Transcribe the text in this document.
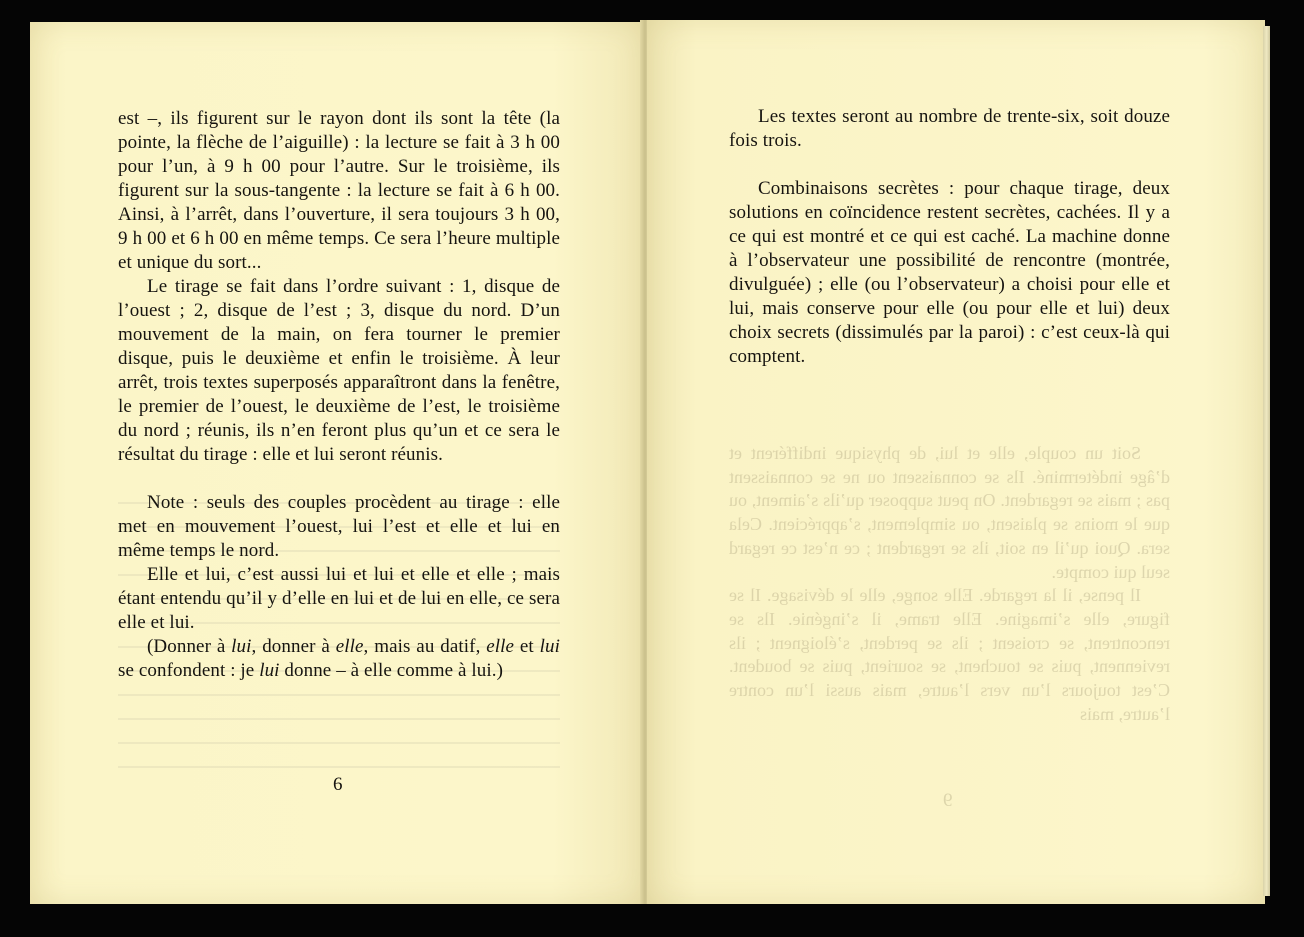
est –, ils figurent sur le rayon dont ils sont la tête (la pointe, la flèche de l’aiguille) : la lecture se fait à 3 h 00 pour l’un, à 9 h 00 pour l’autre. Sur le troisième, ils figurent sur la sous-tangente : la lecture se fait à 6 h 00. Ainsi, à l’arrêt, dans l’ouverture, il sera toujours 3 h 00, 9 h 00 et 6 h 00 en même temps. Ce sera l’heure multiple et unique du sort...

Le tirage se fait dans l’ordre suivant : 1, disque de l’ouest ; 2, disque de l’est ; 3, disque du nord. D’un mouvement de la main, on fera tourner le premier disque, puis le deuxième et enfin le troisième. À leur arrêt, trois textes superposés apparaîtront dans la fenêtre, le premier de l’ouest, le deuxième de l’est, le troisième du nord ; réunis, ils n’en feront plus qu’un et ce sera le résultat du tirage : elle et lui seront réunis.

Note : seuls des couples procèdent au tirage : elle met en mouvement l’ouest, lui l’est et elle et lui en même temps le nord.

Elle et lui, c’est aussi lui et lui et elle et elle ; mais étant entendu qu’il y d’elle en lui et de lui en elle, ce sera elle et lui.

(Donner à lui, donner à elle, mais au datif, elle et lui se confondent : je lui donne – à elle comme à lui.)

6

Les textes seront au nombre de trente-six, soit douze fois trois.

Combinaisons secrètes : pour chaque tirage, deux solutions en coïncidence restent secrètes, cachées. Il y a ce qui est montré et ce qui est caché. La machine donne à l’observateur une possibilité de rencontre (montrée, divulguée) ; elle (ou l’observateur) a choisi pour elle et lui, mais conserve pour elle (ou pour elle et lui) deux choix secrets (dissimulés par la paroi) : c’est ceux-là qui comptent.

Soit un couple, elle et lui, de physique indifférent et d’âge indéterminé. Ils se connaissent ou ne se connaissent pas ; mais se regardent. On peut supposer qu’ils s’aiment, ou que le moins se plaisent, ou simplement, s’apprécient. Cela sera. Quoi qu’il en soit, ils se regardent ; ce n’est ce regard seul qui compte.

Il pense, il la regarde. Elle songe, elle le dévisage. Il se figure, elle s’imagine. Elle trame, il s’ingénie. Ils se rencontrent, se croisent ; ils se perdent, s’éloignent ; ils reviennent, puis se touchent, se sourient, puis se boudent. C’est toujours l’un vers l’autre, mais aussi l’un contre l’autre, mais

9
